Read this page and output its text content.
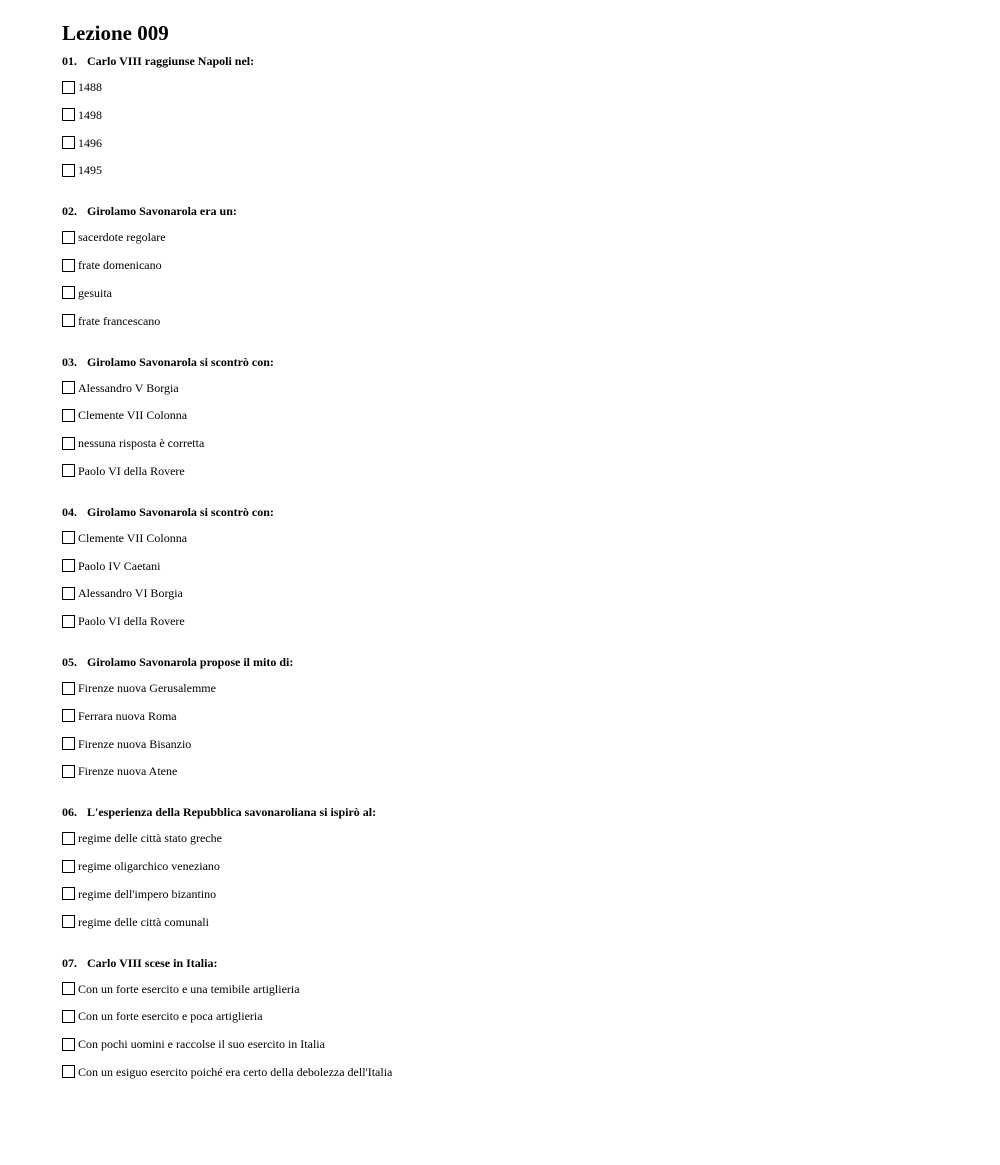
Lezione 009
01. Carlo VIII raggiunse Napoli nel:
1488
1498
1496
1495
02. Girolamo Savonarola era un:
sacerdote regolare
frate domenicano
gesuita
frate francescano
03. Girolamo Savonarola si scontrò con:
Alessandro V Borgia
Clemente VII Colonna
nessuna risposta è corretta
Paolo VI della Rovere
04. Girolamo Savonarola si scontrò con:
Clemente VII Colonna
Paolo IV Caetani
Alessandro VI Borgia
Paolo VI della Rovere
05. Girolamo Savonarola propose il mito di:
Firenze nuova Gerusalemme
Ferrara nuova Roma
Firenze nuova Bisanzio
Firenze nuova Atene
06. L'esperienza della Repubblica savonaroliana si ispirò al:
regime delle città stato greche
regime oligarchico veneziano
regime dell'impero bizantino
regime delle città comunali
07. Carlo VIII scese in Italia:
Con un forte esercito e una temibile artiglieria
Con un forte esercito e poca artiglieria
Con pochi uomini e raccolse il suo esercito in Italia
Con un esiguo esercito poiché era certo della debolezza dell'Italia
